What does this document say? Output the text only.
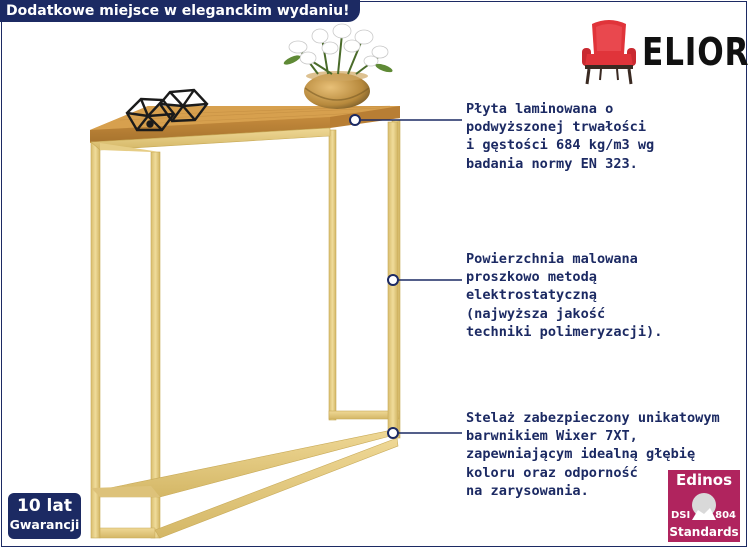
Dodatkowe miejsce w eleganckim wydaniu!
ELIOR
Płyta laminowana o
podwyższonej trwałości
i gęstości 684 kg/m3 wg
badania normy EN 323.
Powierzchnia malowana
proszkowo metodą
elektrostatyczną
(najwyższa jakość
techniki polimeryzacji).
Stelaż zabezpieczony unikatowym
barwnikiem Wixer 7XT,
zapewniającym idealną głębię
koloru oraz odporność
na zarysowania.
10 lat
Gwarancji
Edinos
DSI 804
Standards
